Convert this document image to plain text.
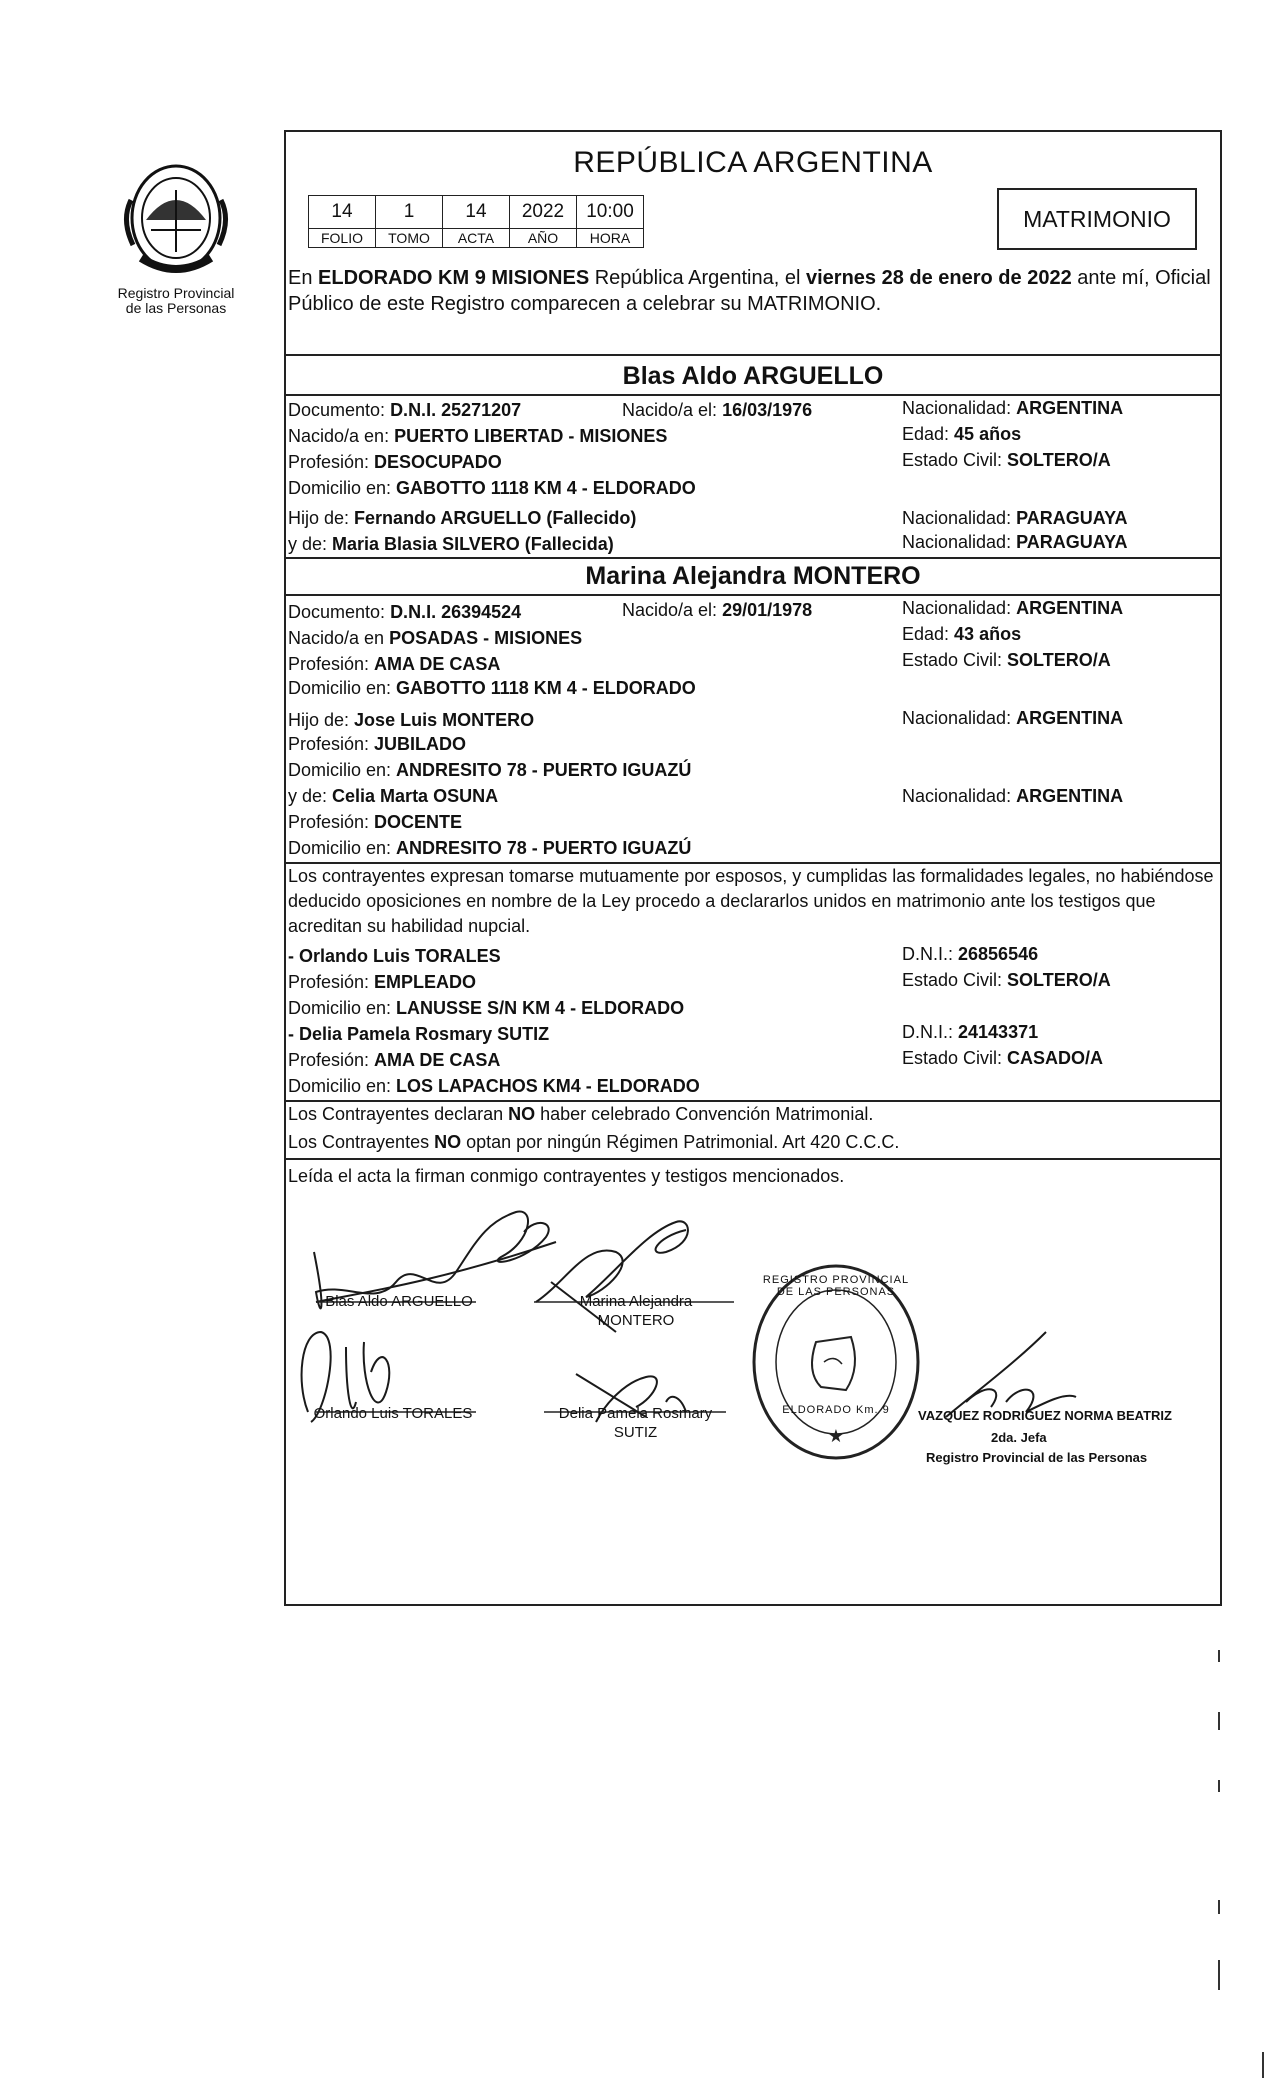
Registro Provincial
de las Personas
REPÚBLICA ARGENTINA
14	1	14	2022	10:00
FOLIO	TOMO	ACTA	AÑO	HORA
MATRIMONIO
En ELDORADO KM 9 MISIONES República Argentina, el viernes 28 de enero de 2022 ante mí, Oficial Público de este Registro comparecen a celebrar su MATRIMONIO.
Blas Aldo ARGUELLO
Documento: D.N.I. 25271207	Nacido/a el: 16/03/1976	Nacionalidad: ARGENTINA
Nacido/a en: PUERTO LIBERTAD - MISIONES	Edad: 45 años
Profesión: DESOCUPADO	Estado Civil: SOLTERO/A
Domicilio en: GABOTTO 1118 KM 4 - ELDORADO
Hijo de: Fernando ARGUELLO (Fallecido)	Nacionalidad: PARAGUAYA
y de: Maria Blasia SILVERO (Fallecida)	Nacionalidad: PARAGUAYA
Marina Alejandra MONTERO
Documento: D.N.I. 26394524	Nacido/a el: 29/01/1978	Nacionalidad: ARGENTINA
Nacido/a en POSADAS - MISIONES	Edad: 43 años
Profesión: AMA DE CASA	Estado Civil: SOLTERO/A
Domicilio en: GABOTTO 1118 KM 4 - ELDORADO
Hijo de: Jose Luis MONTERO	Nacionalidad: ARGENTINA
Profesión: JUBILADO
Domicilio en: ANDRESITO 78 - PUERTO IGUAZÚ
y de: Celia Marta OSUNA	Nacionalidad: ARGENTINA
Profesión: DOCENTE
Domicilio en: ANDRESITO 78 - PUERTO IGUAZÚ
Los contrayentes expresan tomarse mutuamente por esposos, y cumplidas las formalidades legales, no habiéndose deducido oposiciones en nombre de la Ley procedo a declararlos unidos en matrimonio ante los testigos que acreditan su habilidad nupcial.
- Orlando Luis TORALES	D.N.I.: 26856546
Profesión: EMPLEADO	Estado Civil: SOLTERO/A
Domicilio en: LANUSSE S/N KM 4 - ELDORADO
- Delia Pamela Rosmary SUTIZ	D.N.I.: 24143371
Profesión: AMA DE CASA	Estado Civil: CASADO/A
Domicilio en: LOS LAPACHOS KM4 - ELDORADO
Los Contrayentes declaran NO haber celebrado Convención Matrimonial.
Los Contrayentes NO optan por ningún Régimen Patrimonial. Art 420 C.C.C.
Leída el acta la firman conmigo contrayentes y testigos mencionados.
★
Blas Aldo ARGUELLO	Marina Alejandra
MONTERO
Orlando Luis TORALES	Delia Pamela Rosmary
SUTIZ
REGISTRO PROVINCIAL DE LAS PERSONAS
ELDORADO Km. 9	VAZQUEZ RODRIGUEZ NORMA BEATRIZ
2da. Jefa
Registro Provincial de las Personas
